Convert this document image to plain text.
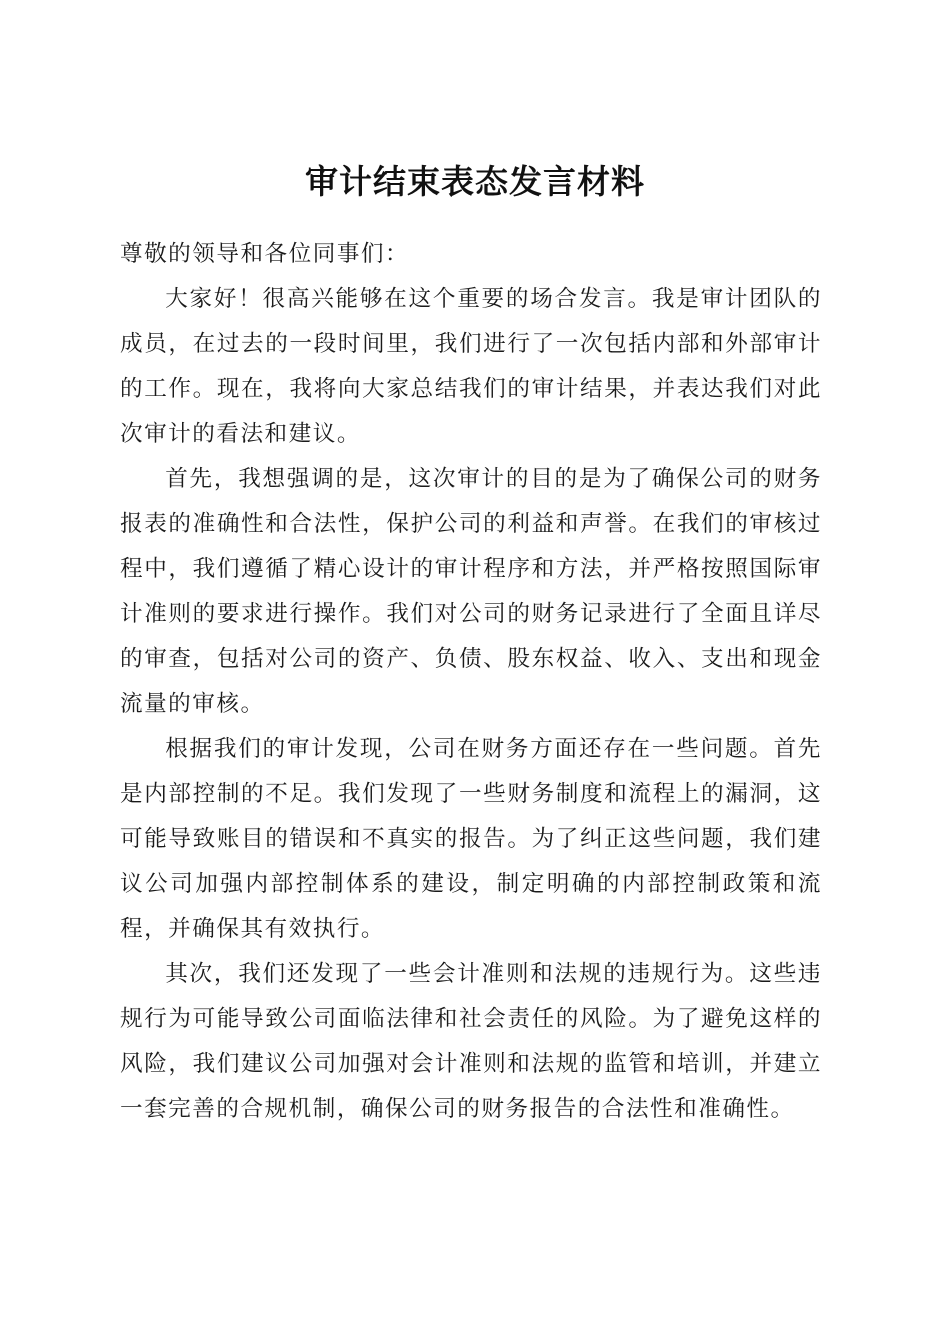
审计结束表态发言材料

尊敬的领导和各位同事们：

大家好！很高兴能够在这个重要的场合发言。我是审计团队的成员，在过去的一段时间里，我们进行了一次包括内部和外部审计的工作。现在，我将向大家总结我们的审计结果，并表达我们对此次审计的看法和建议。

首先，我想强调的是，这次审计的目的是为了确保公司的财务报表的准确性和合法性，保护公司的利益和声誉。在我们的审核过程中，我们遵循了精心设计的审计程序和方法，并严格按照国际审计准则的要求进行操作。我们对公司的财务记录进行了全面且详尽的审查，包括对公司的资产、负债、股东权益、收入、支出和现金流量的审核。

根据我们的审计发现，公司在财务方面还存在一些问题。首先是内部控制的不足。我们发现了一些财务制度和流程上的漏洞，这可能导致账目的错误和不真实的报告。为了纠正这些问题，我们建议公司加强内部控制体系的建设，制定明确的内部控制政策和流程，并确保其有效执行。

其次，我们还发现了一些会计准则和法规的违规行为。这些违规行为可能导致公司面临法律和社会责任的风险。为了避免这样的风险，我们建议公司加强对会计准则和法规的监管和培训，并建立一套完善的合规机制，确保公司的财务报告的合法性和准确性。
